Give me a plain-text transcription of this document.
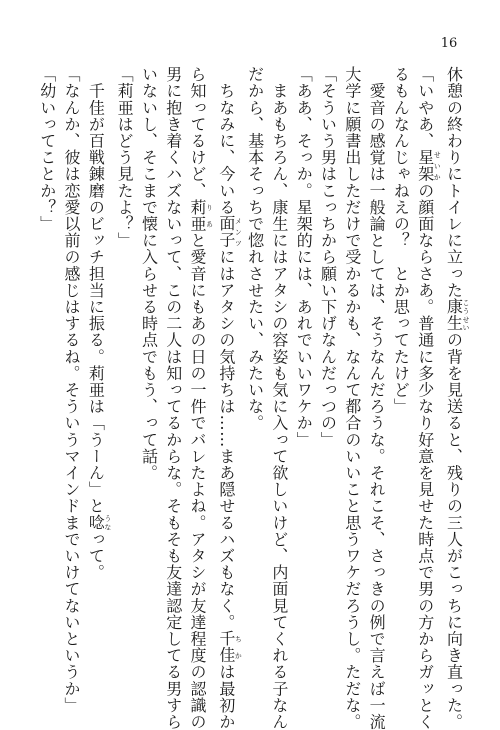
16
休憩の終わりにトイレに立った康生こうせいの背を見送ると、残りの三人がこっちに向き直った。
「いやあ、星架せいかの顔面ならさあ。普通に多少なり好意を見せた時点で男の方からガッとく
るもんなんじゃねえの？　とか思ってたけど」
　愛音の感覚は一般論としては、そうなんだろうな。それこそ、さっきの例で言えば一流
大学に願書出しただけで受かるかも、なんて都合のいいこと思うワケだろうし。ただな。
「そういう男はこっちから願い下げなんだっつの」
「ああ、そっか。星架的には、あれでいいワケか」
　まあもちろん、康生にはアタシの容姿も気に入って欲しいけど、内面見てくれる子なん
だから、基本そっちで惚れさせたい、みたいな。
　ちなみに、今いる面子メンツにはアタシの気持ちは……まあ隠せるハズもなく。千佳ちかは最初か
ら知ってるけど、莉亜りあと愛音にもあの日の一件でバレたよね。アタシが友達程度の認識の
男に抱き着くハズないって、この二人は知ってるからな。そもそも友達認定してる男すら
いないし、そこまで懐に入らせる時点でもう、って話。
「莉亜はどう見たよ？」
　千佳が百戦錬磨のビッチ担当に振る。莉亜は「うーん」と唸うなって。
「なんか、彼は恋愛以前の感じはするね。そういうマインドまでいけてないというか」
「幼いってことか？」
